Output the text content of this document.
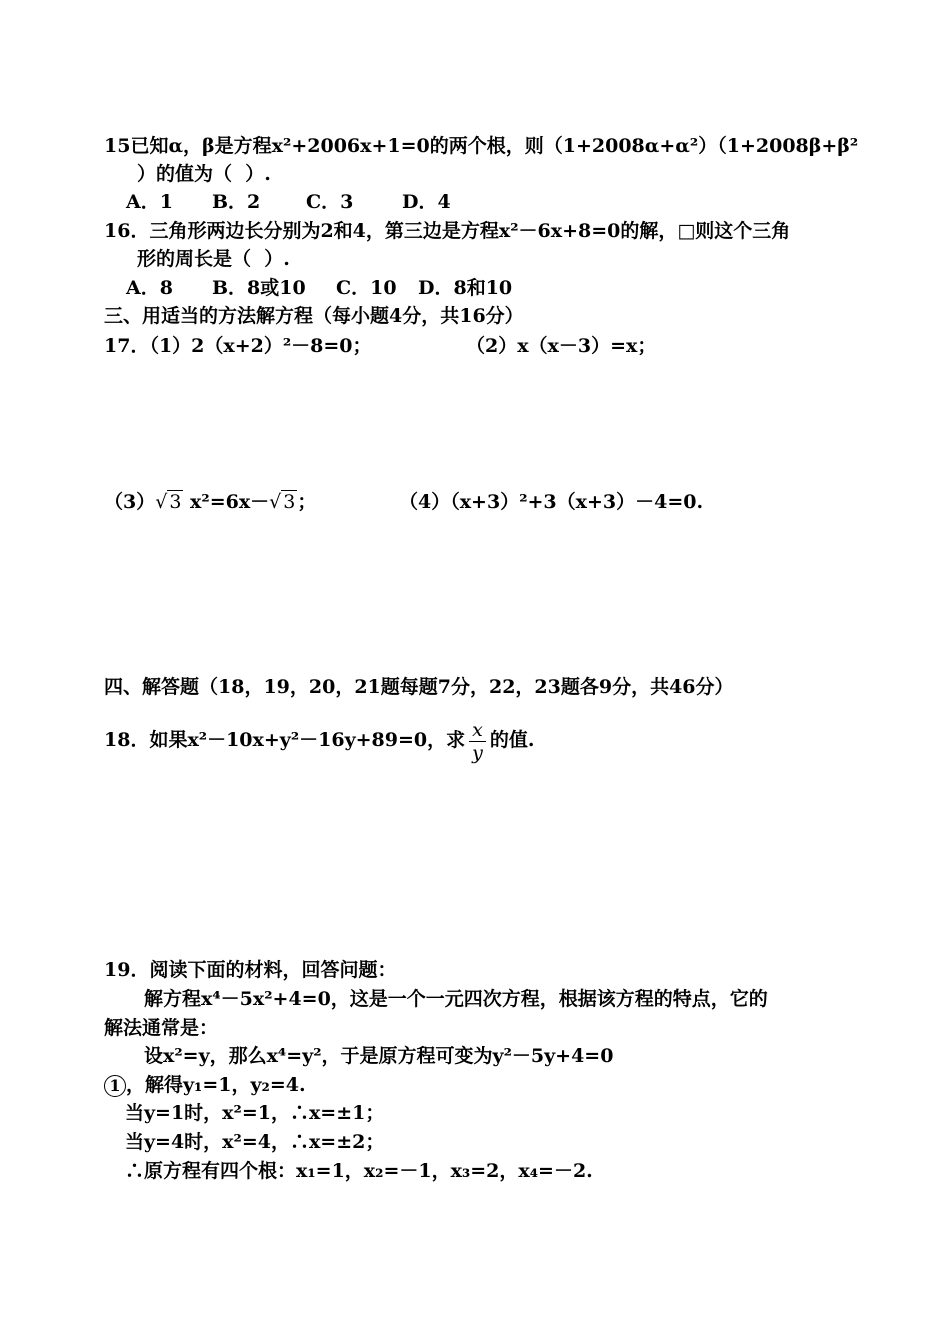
15已知α，β是方程x²+2006x+1=0的两个根，则（1+2008α+α²）（1+2008β+β²
）的值为（  ）.
A．1 B．2 C．3	D．4
16．三角形两边长分别为2和4，第三边是方程x²－6x+8=0的解，□则这个三角
形的周长是（  ）.
A．8 B．8或10 C．10 D．8和10
三、用适当的方法解方程（每小题4分，共16分）
17．（1）2（x+2）²－8=0；	（2）x（x－3）=x；
（3）√ 3 x²=6x－√ 3 ；	（4）（x+3）²+3（x+3）－4=0.
四、解答题（18，19，20，21题每题7分，22，23题各9分，共46分）
18．如果x²－10x+y²－16y+89=0，求 $\frac{x}{y}$ 的值.
19．阅读下面的材料，回答问题：
解方程x⁴－5x²+4=0，这是一个一元四次方程，根据该方程的特点，它的
解法通常是：
设x²=y，那么x⁴=y²，于是原方程可变为y²－5y+4=0
1 ，解得y₁=1，y₂=4.
当y=1时，x²=1，∴x=±1；
当y=4时，x²=4，∴x=±2；
∴原方程有四个根：x₁=1，x₂=－1，x₃=2，x₄=－2.
